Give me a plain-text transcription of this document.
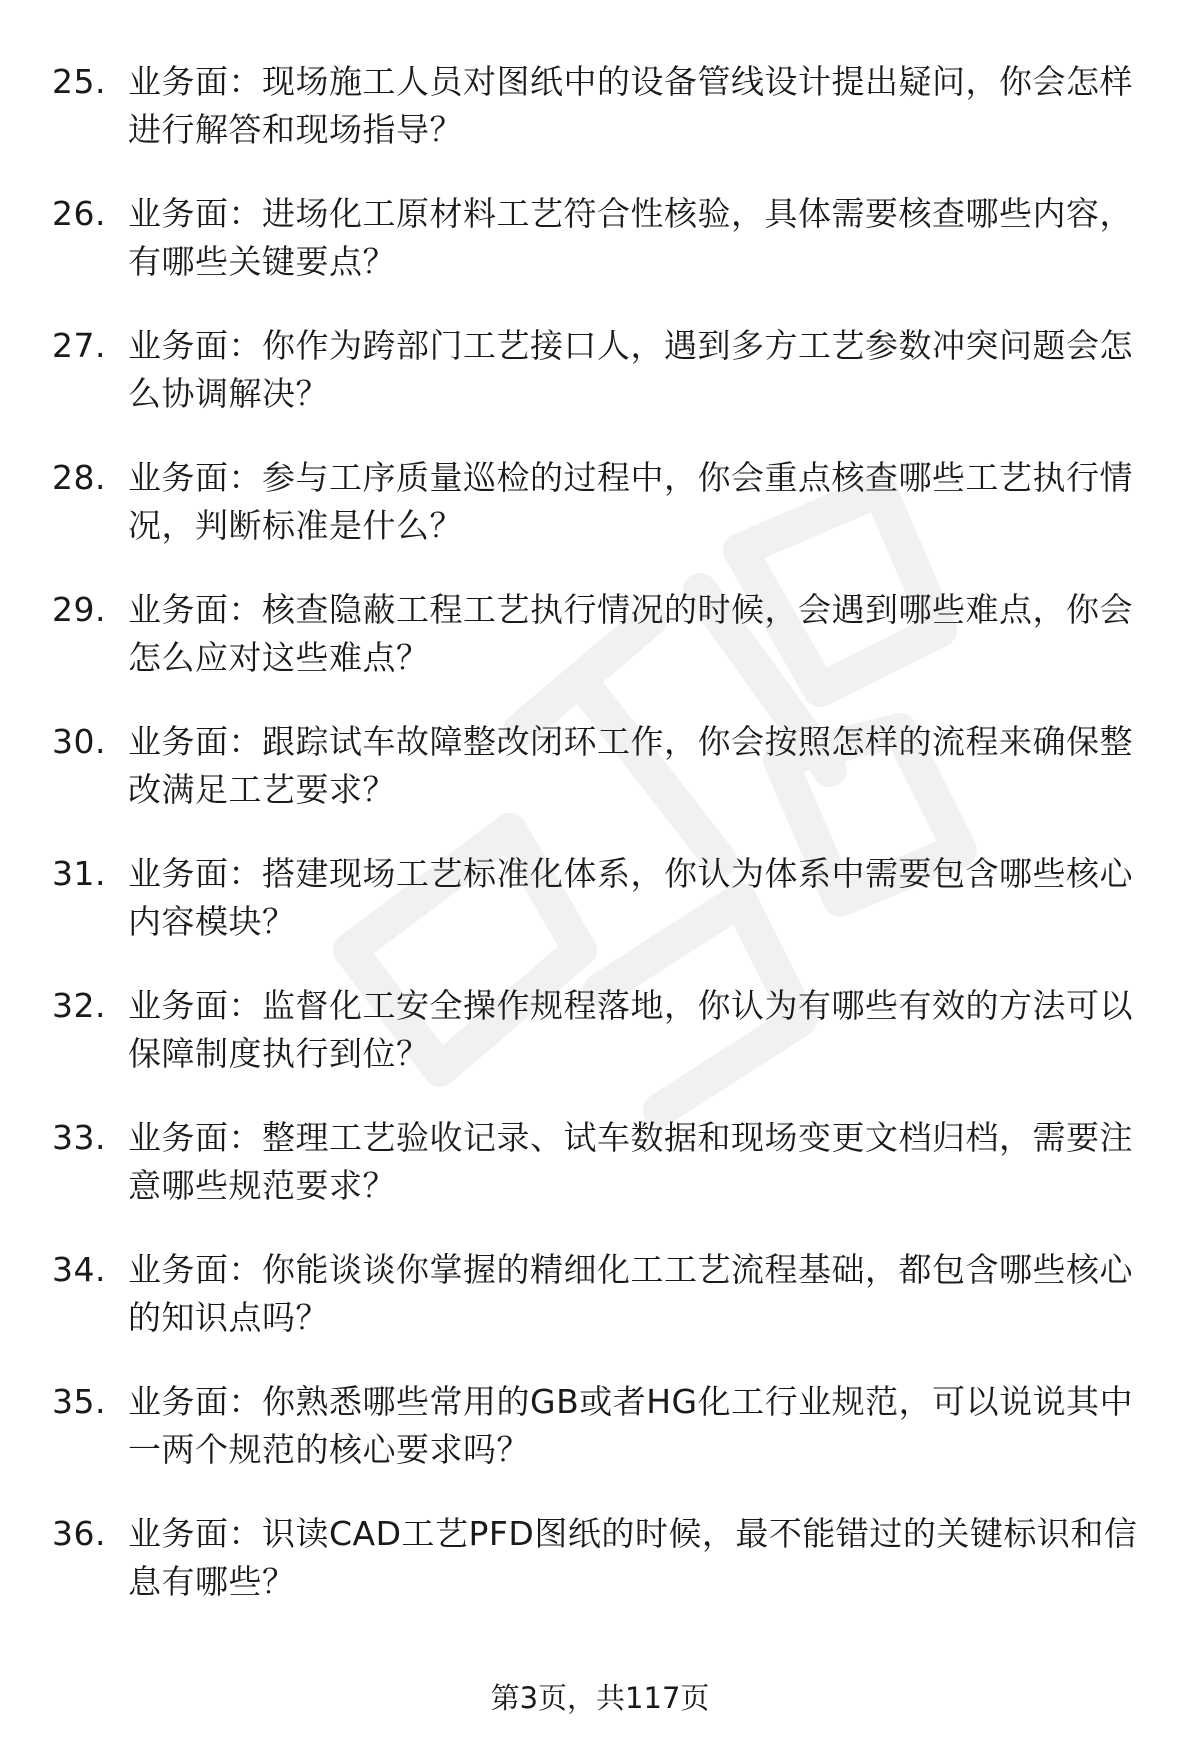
25. 业务面：现场施工人员对图纸中的设备管线设计提出疑问，你会怎样进行解答和现场指导？
26. 业务面：进场化工原材料工艺符合性核验，具体需要核查哪些内容，有哪些关键要点？
27. 业务面：你作为跨部门工艺接口人，遇到多方工艺参数冲突问题会怎么协调解决？
28. 业务面：参与工序质量巡检的过程中，你会重点核查哪些工艺执行情况，判断标准是什么？
29. 业务面：核查隐蔽工程工艺执行情况的时候，会遇到哪些难点，你会怎么应对这些难点？
30. 业务面：跟踪试车故障整改闭环工作，你会按照怎样的流程来确保整改满足工艺要求？
31. 业务面：搭建现场工艺标准化体系，你认为体系中需要包含哪些核心内容模块？
32. 业务面：监督化工安全操作规程落地，你认为有哪些有效的方法可以保障制度执行到位？
33. 业务面：整理工艺验收记录、试车数据和现场变更文档归档，需要注意哪些规范要求？
34. 业务面：你能谈谈你掌握的精细化工工艺流程基础，都包含哪些核心的知识点吗？
35. 业务面：你熟悉哪些常用的GB或者HG化工行业规范，可以说说其中一两个规范的核心要求吗？
36. 业务面：识读CAD工艺PFD图纸的时候，最不能错过的关键标识和信息有哪些？
第3页，共117页
